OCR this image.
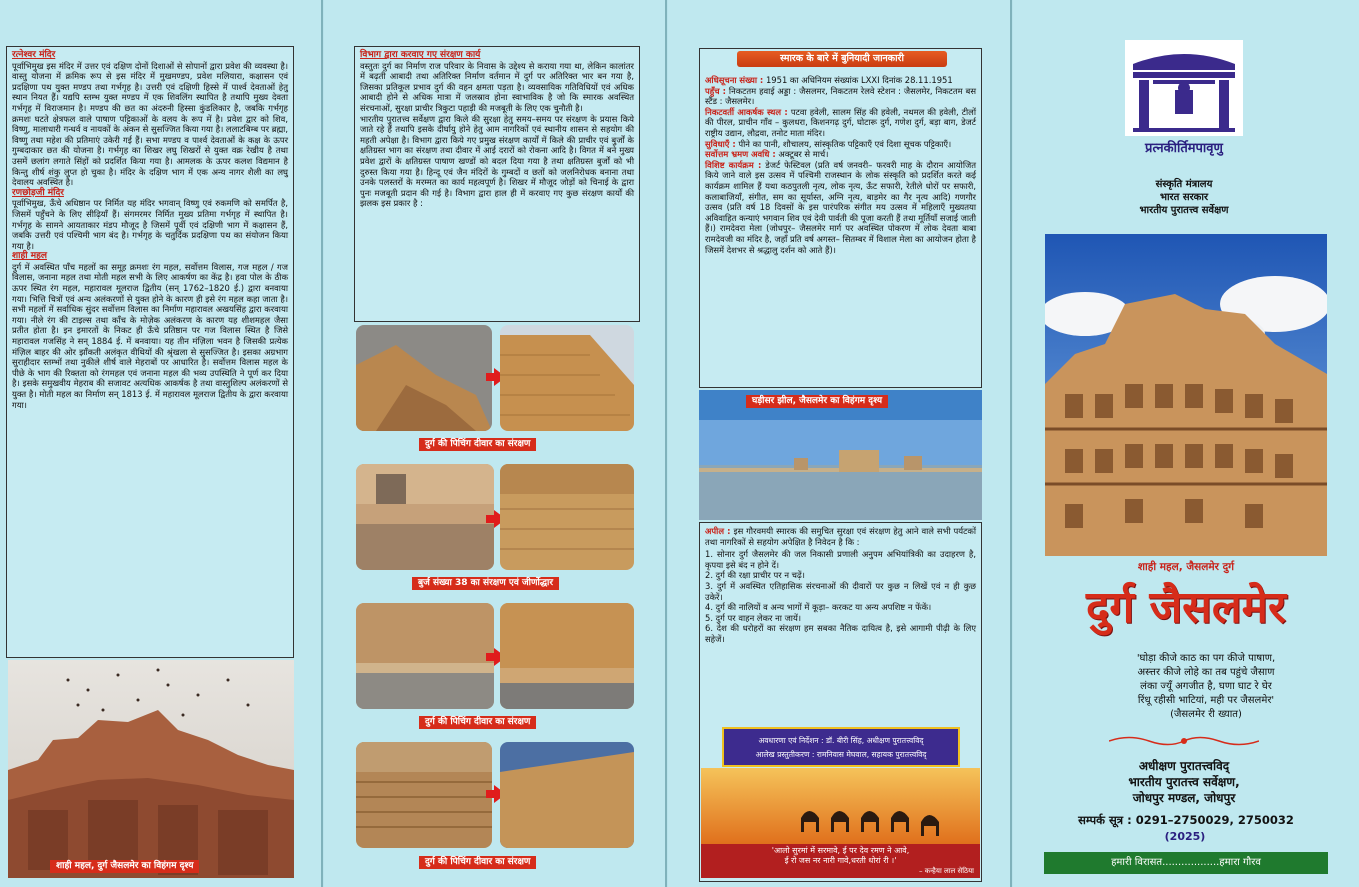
रत्नेश्वर मंदिर
पूर्वाभिमुख इस मंदिर में उत्तर एवं दक्षिण दोनों दिशाओं से सोपानों द्वारा प्रवेश की व्यवस्था है। वास्तु योजना में क्रमिक रूप से इस मंदिर में मुखमण्डप, प्रवेश मलियारा, कक्षासन एवं प्रदक्षिणा पथ युक्त मण्डप तथा गर्भगृह है। उत्तरी एवं दक्षिणी हिस्से में पार्श्व देवताओं हेतु स्थान नियत हैं। यद्यपि स्तम्भ युक्त मण्डप में एक शिवलिंग स्थापित है तथापि मुख्य देवता गर्भगृह में विराजमान है। मण्डप की छत का अंदरुनी हिस्सा कुंडलिकार है, जबकि गर्भगृह क्रमशः घटते क्षेत्रफल वाले पाषाण पट्टिकाओं के वलय के रूप में है। प्रवेश द्वार को शिव, विष्णु, मालाधारी गन्धर्व व नायकों के अंकन से सुसज्जित किया गया है। ललाटबिम्ब पर ब्रह्मा, विष्णु तथा महेश की प्रतिमाएं उकेरी गई हैं। सभा मण्डप व पार्श्व देवताओं के कक्ष के ऊपर गुम्बदाकार छत की योजना है। गर्भगृह का शिखर लघु शिखरों से युक्त वक्र रेखीय है तथा उसमें छलांग लगाते सिंहों को प्रदर्शित किया गया है। आमलक के ऊपर कलश विद्यमान है किन्तु शीर्ष शंकु लुप्त हो चुका है। मंदिर के दक्षिण भाग में एक अन्य नागर शैली का लघु देवालय अवस्थित है।
रणछोड़जी मंदिर
पूर्वाभिमुख, ऊँचे अधिष्ठान पर निर्मित यह मंदिर भगवान् विष्णु एवं रुकमणि को समर्पित है, जिसमें पहुँचने के लिए सीढ़ियाँ हैं। संगमरमर निर्मित मुख्य प्रतिमा गर्भगृह में स्थापित है। गर्भगृह के सामने आयताकार मंडप मौजूद है जिसमें पूर्वी एवं दक्षिणी भाग में कक्षासन हैं, जबकि उत्तरी एवं पश्चिमी भाग बंद है। गर्भगृह के चतुर्दिक प्रदक्षिणा पथ का संयोजन किया गया है।
शाही महल
दुर्ग में अवस्थित पाँच महलों का समूह क्रमशः रंग महल, सर्वोत्तम विलास, गज महल / गज विलास, जनाना महल तथा मोती महल सभी के लिए आकर्षण का केंद्र है। हवा पोल के ठीक ऊपर स्थित रंग महल, महारावल मूलराज द्वितीय (सन् 1762–1820 ई.) द्वारा बनवाया गया। भित्ति चित्रों एवं अन्य अलंकरणों से युक्त होने के कारण ही इसे रंग महल कहा जाता है। सभी महलों में सर्वाधिक सुंदर सर्वोत्तम विलास का निर्माण महारावल अखयसिंह द्वारा करवाया गया। नीले रंग की टाइल्स तथा काँच के मोज़ेक अलंकरण के कारण यह शीशमहल जैसा प्रतीत होता है। इन इमारतों के निकट ही ऊँचे प्रतिष्ठान पर गज विलास स्थित है जिसे महारावल गजसिंह ने सन् 1884 ई. में बनवाया। यह तीन मंज़िला भवन है जिसकी प्रत्येक मंज़िल बाहर की ओर झाँकती अलंकृत वीथियों की श्रृंखला से सुसज्जित है। इसका अग्रभाग सुराहीदार स्तम्भों तथा नुकीले शीर्ष वाले मेहराबों पर आधारित है। सर्वोत्तम विलास महल के पीछे के भाग की रिक्तता को रंगमहल एवं जनाना महल की भव्य उपस्थिति ने पूर्ण कर दिया है। इसके समुखवीय मेहराब की सजावट अत्यधिक आकर्षक है तथा वास्तुशिल्प अलंकरणों से युक्त है। मोती महल का निर्माण सन् 1813 ई. में महारावल मूलराज द्वितीय के द्वारा करवाया गया।
शाही महल, दुर्ग जैसलमेर का विहंगम दृश्य
विभाग द्वारा करवाए गए संरक्षण कार्य
वस्तुतः दुर्ग का निर्माण राज परिवार के निवास के उद्देश्य से कराया गया था, लेकिन कालांतर में बढ़ती आबादी तथा अतिरिक्त निर्माण वर्तमान में दुर्ग पर अतिरिक्त भार बन गया है, जिसका प्रतिकूल प्रभाव दुर्ग की वहन क्षमता पड़ता है। व्यवसायिक गतिविधियों एवं अधिक आबादी होने से अधिक मात्रा में जलस्राव होना स्वाभाविक है जो कि स्मारक अवस्थित संरचनाओं, सुरक्षा प्राचीर त्रिकुटा पहाड़ी की मजबूती के लिए एक चुनौती है।
भारतीय पुरातत्त्व सर्वेक्षण द्वारा किले की सुरक्षा हेतु समय–समय पर संरक्षण के प्रयास किये जाते रहे हैं तथापि इसके दीर्घायु होने हेतु आम नागरिकों एवं स्थानीय शासन से सहयोग की महती अपेक्षा है। विभाग द्वारा किये गए प्रमुख संरक्षण कार्यों में किले की प्राचीर एवं बुर्जों के क्षतिग्रस्त भाग का संरक्षण तथा दीवार में आई दरारों को रोकना आदि है। विगत में बने मुख्य प्रवेश द्वारों के क्षतिग्रस्त पाषाण खण्डों को बदल दिया गया है तथा क्षतिग्रस्त बुर्जों को भी दुरुस्त किया गया है। हिन्दू एवं जैन मंदिरों के गुम्बदों व छतों को जलनिरोधक बनाना तथा उनके पलस्तरों के मरम्मत का कार्य महत्वपूर्ण है। शिखर में मौजूद जोड़ों को चिनाई के द्वारा पुनः मजबूती प्रदान की गई है। विभाग द्वारा हाल ही में करवाए गए कुछ संरक्षण कार्यों की झलक इस प्रकार है :
दुर्ग की पिचिंग दीवार का संरक्षण
बुर्ज संख्या 38 का संरक्षण एवं जीर्णोद्धार
दुर्ग की पिचिंग दीवार का संरक्षण
दुर्ग की पिचिंग दीवार का संरक्षण
अधिसूचना संख्या : 1951 का अधिनियम संख्यांक LXXI दिनांक 28.11.1951
पहुँच : निकटतम हवाई अड्डा : जैसलमर, निकटतम रेलवे स्टेशन : जैसलमेर, निकटतम बस स्टैंड : जैसलमेर।
निकटवर्ती आकर्षक स्थल : पटवा हवेली, सालम सिंह की हवेली, नथमल की हवेली, टीलों की पीरल, प्राचीन गाँव – कुलधरा, किशनगढ़ दुर्ग, घोटारू दुर्ग, गणेश दुर्ग, बड़ा बाग, डेजर्ट राष्ट्रीय उद्यान, लौद्रवा, तनोट माता मंदिर।
सुविधाएँ : पीने का पानी, शौचालय, सांस्कृतिक पट्टिकाएँ एवं दिशा सूचक पट्टिकाएँ।
सर्वोत्तम भ्रमण अवधि : अक्टूबर से मार्च।
विशिष्ट कार्यक्रम : डेजर्ट फेस्टिवल (प्रति वर्ष जनवरी– फरवरी माह के दौरान आयोजित किये जाने वाले इस उत्सव में पश्चिमी राजस्थान के लोक संस्कृति को प्रदर्शित करते कई कार्यक्रम शामिल हैं यथा कठपुतली नृत्य, लोक नृत्य, ऊँट सफारी, रेतीले धोरों पर सफारी, कलाबाजियाँ, संगीत, सम का सूर्यास्त, अग्नि नृत्य, बाड़मेर का गैर नृत्य आदि) गणगौर उत्सव (प्रति वर्ष 18 दिवसों के इस पारंपरिक संगीत मय उत्सव में महिलाएँ मुख्यतया अविवाहित कन्याएं भगवान शिव एवं देवी पार्वती की पूजा करती हैं तथा मूर्तियाँ सजाई जाती हैं।) रामदेवरा मेला (जोधपुर– जैसलमेर मार्ग पर अवस्थित पोकरण में लोक देवता बाबा रामदेवजी का मंदिर है, जहाँ प्रति वर्ष अगस्त– सितम्बर में विशाल मेला का आयोजन होता है जिसमें देशभर से श्रद्धालु दर्शन को आते हैं)।
स्मारक के बारे में बुनियादी जानकारी
घड़ीसर झील, जैसलमेर का विहंगम दृश्य
अपील : इस गौरवमयी स्मारक की समुचित सुरक्षा एवं संरक्षण हेतु आने वाले सभी पर्यटकों तथा नागरिकों से सहयोग अपेक्षित है निवेदन है कि :
1. सोनार दुर्ग जैसलमेर की जल निकासी प्रणाली अनुपम अभियांत्रिकी का उदाहरण है, कृपया इसे बंद न होने दें।
2. दुर्ग की रक्षा प्राचीर पर न चढ़ें।
3. दुर्ग में अवस्थित एतिहासिक संरचनाओं की दीवारों पर कुछ न लिखें एवं न ही कुछ उकेरें।
4. दुर्ग की नालियों व अन्य भागों में कूड़ा– करकट या अन्य अपशिष्ट न फेंकें।
5. दुर्ग पर वाहन लेकर ना जायें।
6. देश की धरोहरों का संरक्षण हम सबका नैतिक दायित्व है, इसे आगामी पीढ़ी के लिए सहेजें।
अवधारणा एवं निर्देशन : डॉ. बीरी सिंह, अधीक्षण पुरातत्त्वविद्
आलेख प्रस्तुतीकरण : रामनिवास मेघवाल, सहायक पुरातत्त्वविद्
'आलो सुरमां में सरमावे, ई पर देव रमण ने आवे,
ई रो जस नर नारी गावे,धरती धोरां री ।'
– कन्हैया लाल सेठिया
सत्यमेव जयते
प्रत्नकीर्तिमपावृणु
संस्कृति मंत्रालय
भारत सरकार
भारतीय पुरातत्त्व सर्वेक्षण
शाही महल, जैसलमेर दुर्ग
दुर्ग जैसलमेर
'घोड़ा कीजे काठ का पग कीजे पाषाण,
अस्त्तर कीजे लोहे का तब पहुंचे जैसाण
लंका ज्यूँ अगजीत है, घणा घाट रे घेर
रिंधू रहीसी भाटियां, मही पर जैसलमेर'
(जैसलमेर री ख्यात)
अधीक्षण पुरातत्त्वविद्
भारतीय पुरातत्त्व सर्वेक्षण,
जोधपुर मण्डल, जोधपुर
सम्पर्क सूत्र : 0291–2750029, 2750032
(2025)
हमारी विरासत..................हमारा गौरव
